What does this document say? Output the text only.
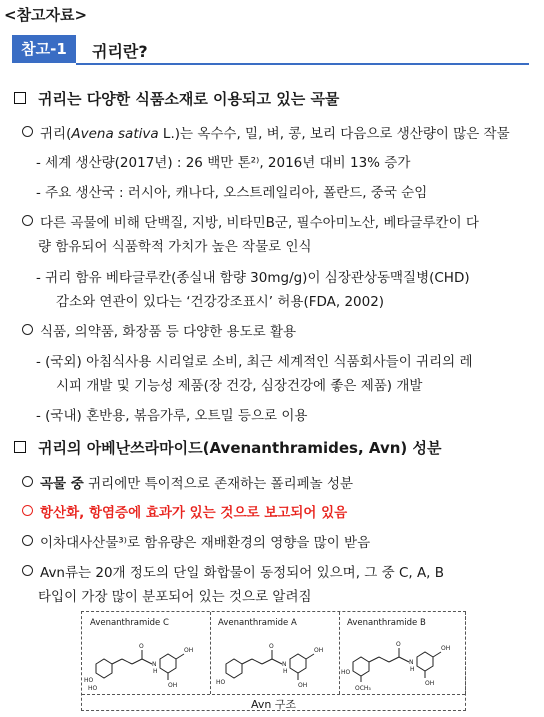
<참고자료>
참고-1	귀리란?
귀리는 다양한 식품소재로 이용되고 있는 곡물
귀리(Avena sativa L.)는 옥수수, 밀, 벼, 콩, 보리 다음으로 생산량이 많은 작물
- 세계 생산량(2017년) : 26 백만 톤²⁾, 2016년 대비 13% 증가
- 주요 생산국 : 러시아, 캐나다, 오스트레일리아, 폴란드, 중국 순임
다른 곡물에 비해 단백질, 지방, 비타민B군, 필수아미노산, 베타글루칸이 다
량 함유되어 식품학적 가치가 높은 작물로 인식
- 귀리 함유 베타글루칸(종실내 함량 30mg/g)이 심장관상동맥질병(CHD)
감소와 연관이 있다는 ‘건강강조표시’ 허용(FDA, 2002)
식품, 의약품, 화장품 등 다양한 용도로 활용
- (국외) 아침식사용 시리얼로 소비, 최근 세계적인 식품회사들이 귀리의 레
시피 개발 및 기능성 제품(장 건강, 심장건강에 좋은 제품) 개발
- (국내) 혼반용, 볶음가루, 오트밀 등으로 이용
귀리의 아베난쓰라마이드(Avenanthramides, Avn) 성분
곡물 중 귀리에만 특이적으로 존재하는 폴리페놀 성분
항산화, 항염증에 효과가 있는 것으로 보고되어 있음
이차대사산물³⁾로 함유량은 재배환경의 영향을 많이 받음
Avn류는 20개 정도의 단일 화합물이 동정되어 있으며, 그 중 C, A, B
타입이 가장 많이 분포되어 있는 것으로 알려짐
Avenanthramide C
HO
HO
N
H
O
OH
OH
Avenanthramide A
HO
N
H
O
OH
OH
Avenanthramide B
HO
OCH₃
N
H
O
OH
OH
Avn 구조
